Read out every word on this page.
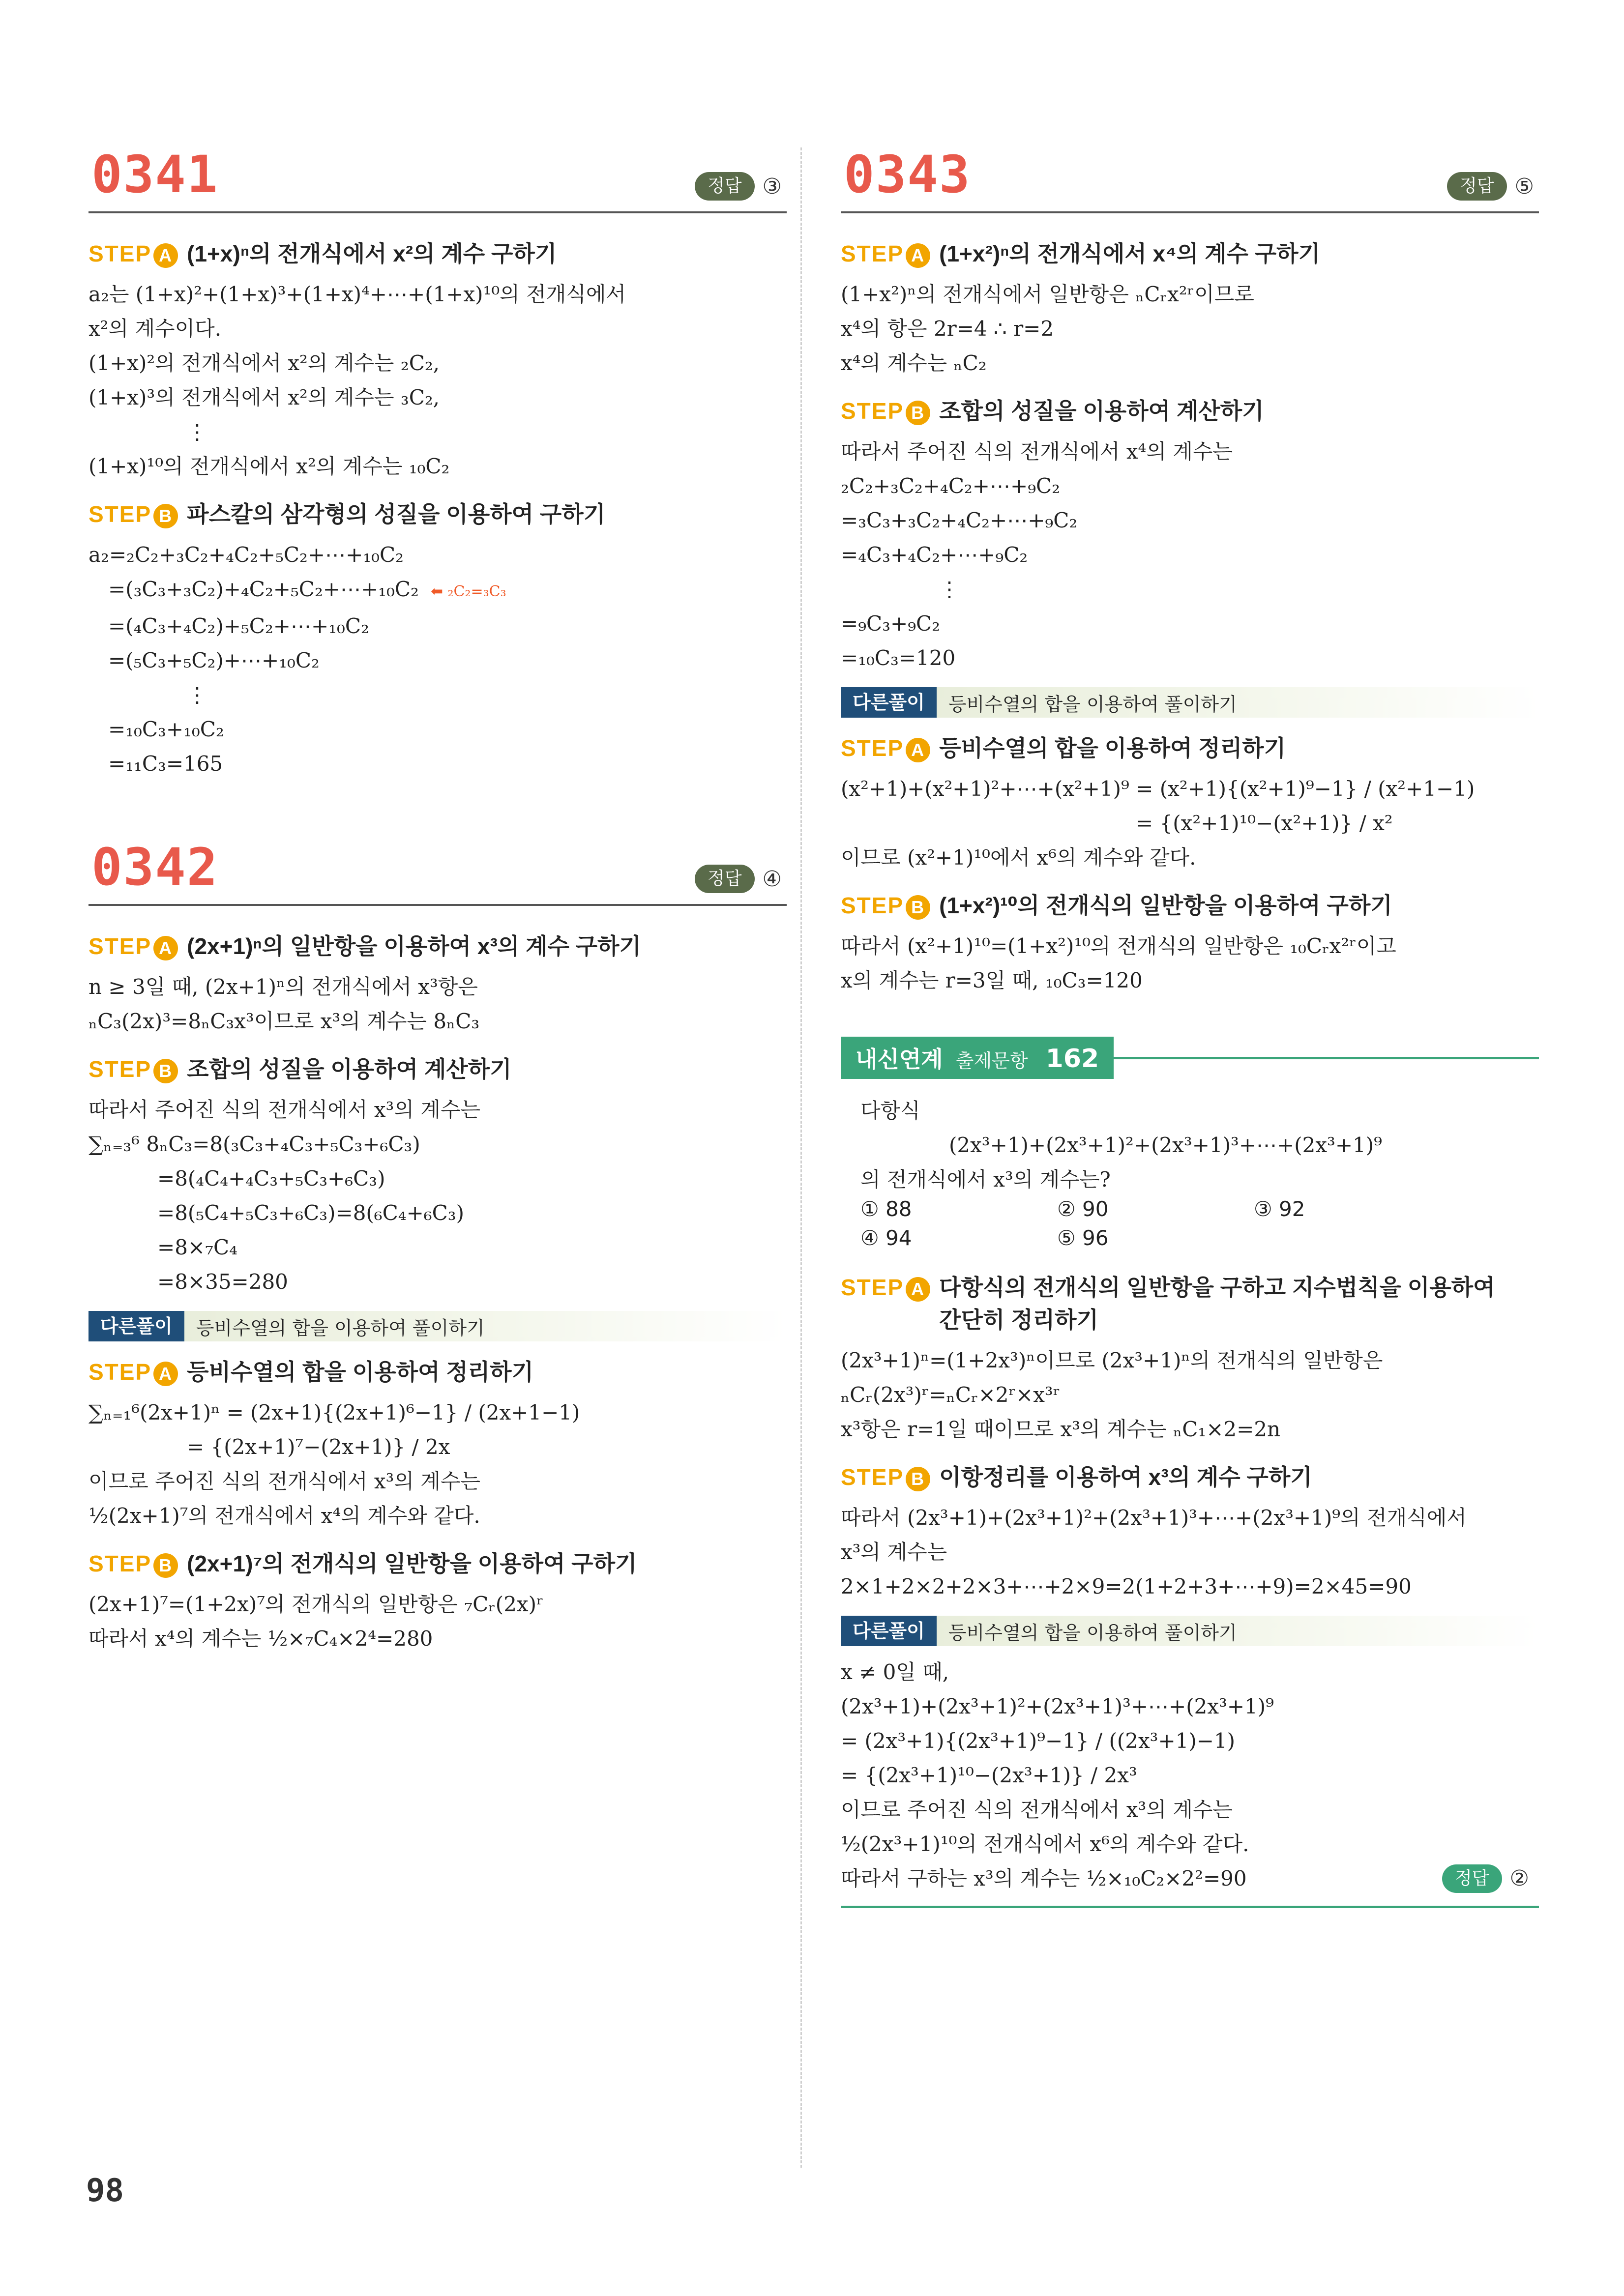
0341	정답 ③
STEP A (1+x)ⁿ의 전개식에서 x²의 계수 구하기
a₂는 (1+x)²+(1+x)³+(1+x)⁴+⋯+(1+x)¹⁰의 전개식에서
x²의 계수이다.
(1+x)²의 전개식에서 x²의 계수는 ₂C₂,
(1+x)³의 전개식에서 x²의 계수는 ₃C₂,
⋮
(1+x)¹⁰의 전개식에서 x²의 계수는 ₁₀C₂
STEP B 파스칼의 삼각형의 성질을 이용하여 구하기
a₂=₂C₂+₃C₂+₄C₂+₅C₂+⋯+₁₀C₂
=(₃C₃+₃C₂)+₄C₂+₅C₂+⋯+₁₀C₂ ⬅ ₂C₂=₃C₃
=(₄C₃+₄C₂)+₅C₂+⋯+₁₀C₂
=(₅C₃+₅C₂)+⋯+₁₀C₂
⋮
=₁₀C₃+₁₀C₂
=₁₁C₃=165
0342	정답 ④
STEP A (2x+1)ⁿ의 일반항을 이용하여 x³의 계수 구하기
n ≥ 3일 때, (2x+1)ⁿ의 전개식에서 x³항은
ₙC₃(2x)³=8ₙC₃x³이므로 x³의 계수는 8ₙC₃
STEP B 조합의 성질을 이용하여 계산하기
따라서 주어진 식의 전개식에서 x³의 계수는
∑ₙ₌₃⁶ 8ₙC₃=8(₃C₃+₄C₃+₅C₃+₆C₃)
=8(₄C₄+₄C₃+₅C₃+₆C₃)
=8(₅C₄+₅C₃+₆C₃)=8(₆C₄+₆C₃)
=8×₇C₄
=8×35=280
다른풀이	등비수열의 합을 이용하여 풀이하기
STEP A 등비수열의 합을 이용하여 정리하기
∑ₙ₌₁⁶(2x+1)ⁿ = (2x+1){(2x+1)⁶−1} / (2x+1−1)
= {(2x+1)⁷−(2x+1)} / 2x
이므로 주어진 식의 전개식에서 x³의 계수는
½(2x+1)⁷의 전개식에서 x⁴의 계수와 같다.
STEP B (2x+1)⁷의 전개식의 일반항을 이용하여 구하기
(2x+1)⁷=(1+2x)⁷의 전개식의 일반항은 ₇Cᵣ(2x)ʳ
따라서 x⁴의 계수는 ½×₇C₄×2⁴=280
0343	정답 ⑤
STEP A (1+x²)ⁿ의 전개식에서 x⁴의 계수 구하기
(1+x²)ⁿ의 전개식에서 일반항은 ₙCᵣx²ʳ이므로
x⁴의 항은 2r=4 ∴ r=2
x⁴의 계수는 ₙC₂
STEP B 조합의 성질을 이용하여 계산하기
따라서 주어진 식의 전개식에서 x⁴의 계수는
₂C₂+₃C₂+₄C₂+⋯+₉C₂
=₃C₃+₃C₂+₄C₂+⋯+₉C₂
=₄C₃+₄C₂+⋯+₉C₂
⋮
=₉C₃+₉C₂
=₁₀C₃=120
다른풀이	등비수열의 합을 이용하여 풀이하기
STEP A 등비수열의 합을 이용하여 정리하기
(x²+1)+(x²+1)²+⋯+(x²+1)⁹ = (x²+1){(x²+1)⁹−1} / (x²+1−1)
= {(x²+1)¹⁰−(x²+1)} / x²
이므로 (x²+1)¹⁰에서 x⁶의 계수와 같다.
STEP B (1+x²)¹⁰의 전개식의 일반항을 이용하여 구하기
따라서 (x²+1)¹⁰=(1+x²)¹⁰의 전개식의 일반항은 ₁₀Cᵣx²ʳ이고
x의 계수는 r=3일 때, ₁₀C₃=120
내신연계 출제문항 162
다항식
(2x³+1)+(2x³+1)²+(2x³+1)³+⋯+(2x³+1)⁹
의 전개식에서 x³의 계수는?
① 88	② 90	③ 92
④ 94	⑤ 96
STEP A 다항식의 전개식의 일반항을 구하고 지수법칙을 이용하여 간단히 정리하기
(2x³+1)ⁿ=(1+2x³)ⁿ이므로 (2x³+1)ⁿ의 전개식의 일반항은
ₙCᵣ(2x³)ʳ=ₙCᵣ×2ʳ×x³ʳ
x³항은 r=1일 때이므로 x³의 계수는 ₙC₁×2=2n
STEP B 이항정리를 이용하여 x³의 계수 구하기
따라서 (2x³+1)+(2x³+1)²+(2x³+1)³+⋯+(2x³+1)⁹의 전개식에서
x³의 계수는
2×1+2×2+2×3+⋯+2×9=2(1+2+3+⋯+9)=2×45=90
다른풀이	등비수열의 합을 이용하여 풀이하기
x ≠ 0일 때,
(2x³+1)+(2x³+1)²+(2x³+1)³+⋯+(2x³+1)⁹
= (2x³+1){(2x³+1)⁹−1} / ((2x³+1)−1)
= {(2x³+1)¹⁰−(2x³+1)} / 2x³
이므로 주어진 식의 전개식에서 x³의 계수는
½(2x³+1)¹⁰의 전개식에서 x⁶의 계수와 같다.
따라서 구하는 x³의 계수는 ½×₁₀C₂×2²=90	정답 ②
98
